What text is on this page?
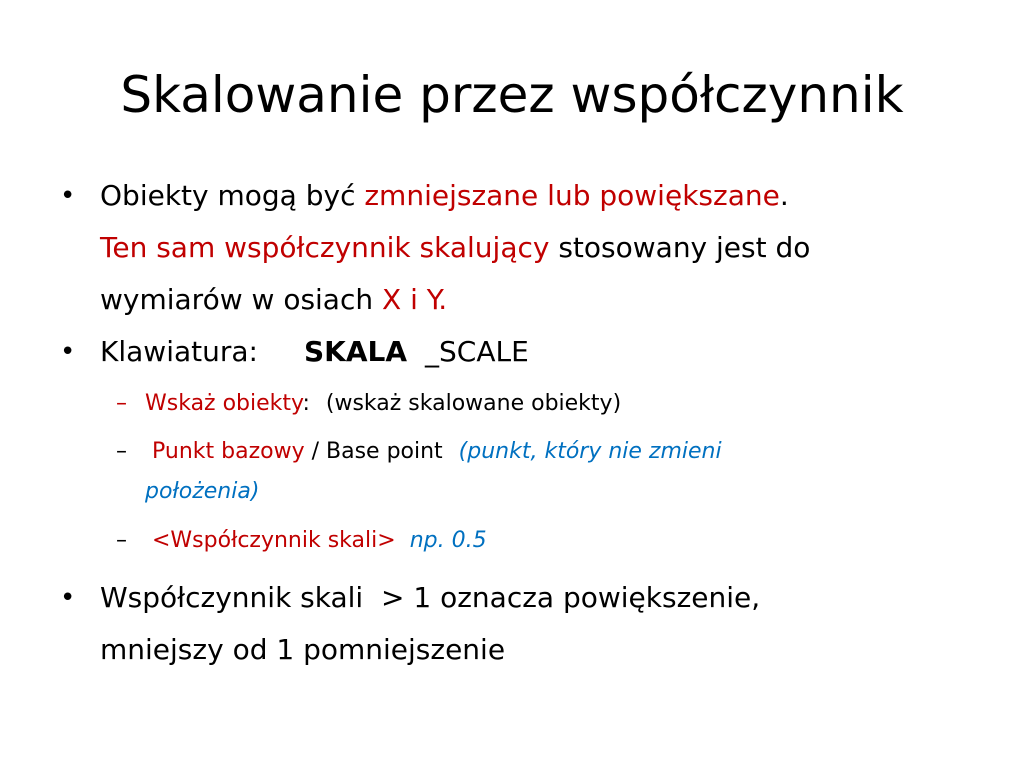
Skalowanie przez współczynnik
• Obiekty mogą być zmniejszane lub powiększane.
Ten sam współczynnik skalujący stosowany jest do
wymiarów w osiach X i Y.
• Klawiatura: SKALA _SCALE
– Wskaż obiekty: (wskaż skalowane obiekty)
– Punkt bazowy / Base point (punkt, który nie zmieni
położenia)
– <Współczynnik skali> np. 0.5
• Współczynnik skali  > 1 oznacza powiększenie,
mniejszy od 1 pomniejszenie
